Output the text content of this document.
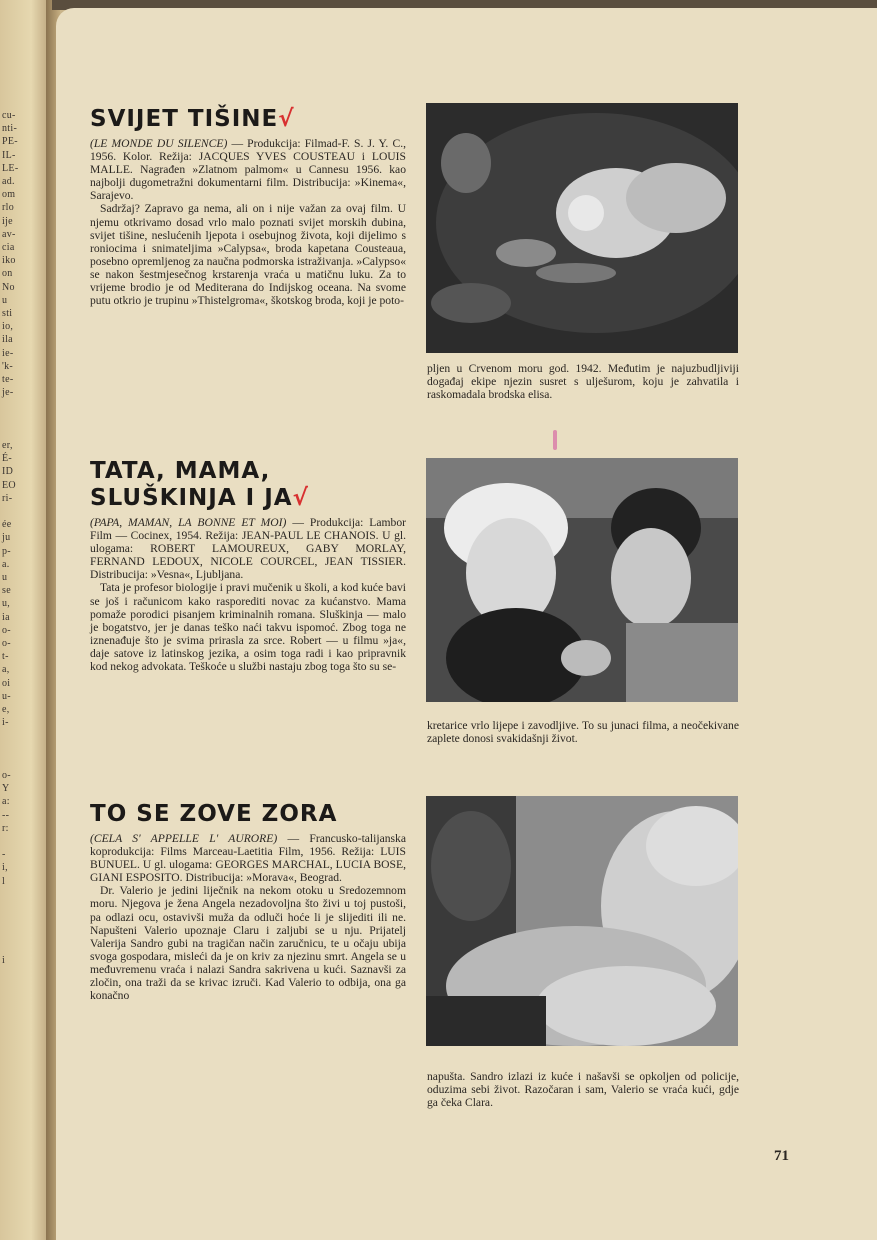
cu-
nti-
PE-
IL-
LE-
ad.
om
rlo
ije
av-
cia
iko
on
No
u
sti
io,
ila
ie-
'k-
te-
je-
er,
É-
ID
EO
ri-
ée
ju
p-
a.
u
se
u,
ia
o-
o-
t-
a,
oi
u-
e,
i-
o-
Y
a:
--
r:
-
i,
l
i
SVIJET TIŠINE√

(LE MONDE DU SILENCE) — Produkcija: Filmad-F. S. J. Y. C., 1956. Kolor. Režija: JACQUES YVES COUSTEAU i LOUIS MALLE. Nagrađen »Zlatnom palmom« u Cannesu 1956. kao najbolji dugometražni dokumentarni film. Distribucija: »Kinema«, Sarajevo.

Sadržaj? Zapravo ga nema, ali on i nije važan za ovaj film. U njemu otkrivamo dosad vrlo malo poznati svijet morskih dubina, svijet tišine, neslućenih ljepota i osebujnog života, koji dijelimo s roniocima i snimateljima »Calypsa«, broda kapetana Cousteaua, posebno opremljenog za naučna podmorska istraživanja. »Calypso« se nakon šestmjesečnog krstarenja vraća u matičnu luku. Za to vrijeme brodio je od Mediterana do Indijskog oceana. Na svome putu otkrio je trupinu »Thistelgroma«, škotskog broda, koji je poto-

pljen u Crvenom moru god. 1942. Međutim je najuzbudljiviji događaj ekipe njezin susret s ulješurom, koju je zahvatila i raskomadala brodska elisa.
TATA, MAMA, SLUŠKINJA I JA√

(PAPA, MAMAN, LA BONNE ET MOI) — Produkcija: Lambor Film — Cocinex, 1954. Režija: JEAN-PAUL LE CHANOIS. U gl. ulogama: ROBERT LAMOUREUX, GABY MORLAY, FERNAND LEDOUX, NICOLE COURCEL, JEAN TISSIER. Distribucija: »Vesna«, Ljubljana.

Tata je profesor biologije i pravi mučenik u školi, a kod kuće bavi se još i računicom kako rasporediti novac za kućanstvo. Mama pomaže porodici pisanjem kriminalnih romana. Sluškinja — malo je bogatstvo, jer je danas teško naći takvu ispomoć. Zbog toga ne iznenađuje što je svima prirasla za srce. Robert — u filmu »ja«, daje satove iz latinskog jezika, a osim toga radi i kao pripravnik kod nekog advokata. Teškoće u službi nastaju zbog toga što su se-

kretarice vrlo lijepe i zavodljive. To su junaci filma, a neočekivane zaplete donosi svakidašnji život.
TO SE ZOVE ZORA

(CELA S' APPELLE L' AURORE) — Francusko-talijanska koprodukcija: Films Marceau-Laetitia Film, 1956. Režija: LUIS BUNUEL. U gl. ulogama: GEORGES MARCHAL, LUCIA BOSE, GIANI ESPOSITO. Distribucija: »Morava«, Beograd.

Dr. Valerio je jedini liječnik na nekom otoku u Sredozemnom moru. Njegova je žena Angela nezadovoljna što živi u toj pustoši, pa odlazi ocu, ostavivši muža da odluči hoće li je slijediti ili ne. Napušteni Valerio upoznaje Claru i zaljubi se u nju. Prijatelj Valerija Sandro gubi na tragičan način zaručnicu, te u očaju ubija svoga gospodara, misleći da je on kriv za njezinu smrt. Angela se u međuvremenu vraća i nalazi Sandra sakrivena u kući. Saznavši za zločin, ona traži da se krivac izruči. Kad Valerio to odbija, ona ga konačno

napušta. Sandro izlazi iz kuće i našavši se opkoljen od policije, oduzima sebi život. Razočaran i sam, Valerio se vraća kući, gdje ga čeka Clara.
71
